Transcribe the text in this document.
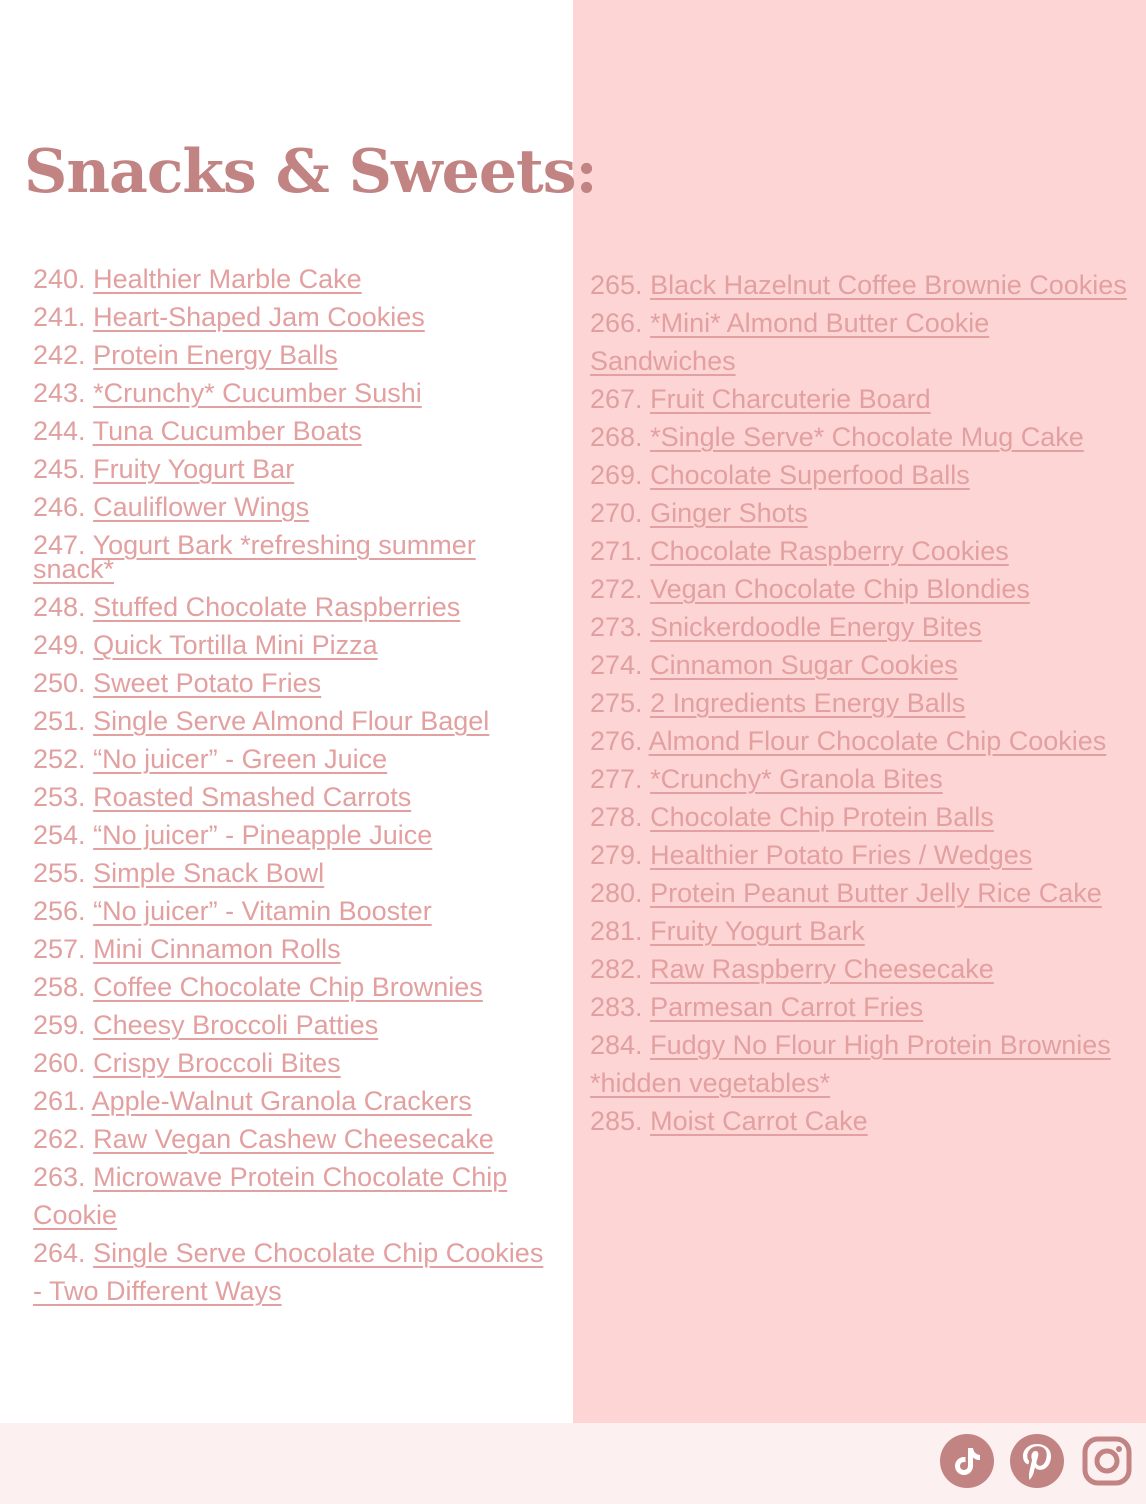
Snacks & Sweets:
240. Healthier Marble Cake
241. Heart-Shaped Jam Cookies
242. Protein Energy Balls
243. *Crunchy* Cucumber Sushi
244. Tuna Cucumber Boats
245. Fruity Yogurt Bar
246. Cauliflower Wings
247. Yogurt Bark *refreshing summer snack*
248. Stuffed Chocolate Raspberries
249. Quick Tortilla Mini Pizza
250. Sweet Potato Fries
251. Single Serve Almond Flour Bagel
252. “No juicer” - Green Juice
253. Roasted Smashed Carrots
254. “No juicer” - Pineapple Juice
255. Simple Snack Bowl
256. “No juicer” - Vitamin Booster
257. Mini Cinnamon Rolls
258. Coffee Chocolate Chip Brownies
259. Cheesy Broccoli Patties
260. Crispy Broccoli Bites
261. Apple-Walnut Granola Crackers
262. Raw Vegan Cashew Cheesecake
263. Microwave Protein Chocolate Chip Cookie
264. Single Serve Chocolate Chip Cookies - Two Different Ways
265. Black Hazelnut Coffee Brownie Cookies
266. *Mini* Almond Butter Cookie Sandwiches
267. Fruit Charcuterie Board
268. *Single Serve* Chocolate Mug Cake
269. Chocolate Superfood Balls
270. Ginger Shots
271. Chocolate Raspberry Cookies
272. Vegan Chocolate Chip Blondies
273. Snickerdoodle Energy Bites
274. Cinnamon Sugar Cookies
275. 2 Ingredients Energy Balls
276. Almond Flour Chocolate Chip Cookies
277. *Crunchy* Granola Bites
278. Chocolate Chip Protein Balls
279. Healthier Potato Fries / Wedges
280. Protein Peanut Butter Jelly Rice Cake
281. Fruity Yogurt Bark
282. Raw Raspberry Cheesecake
283. Parmesan Carrot Fries
284. Fudgy No Flour High Protein Brownies *hidden vegetables*
285. Moist Carrot Cake
